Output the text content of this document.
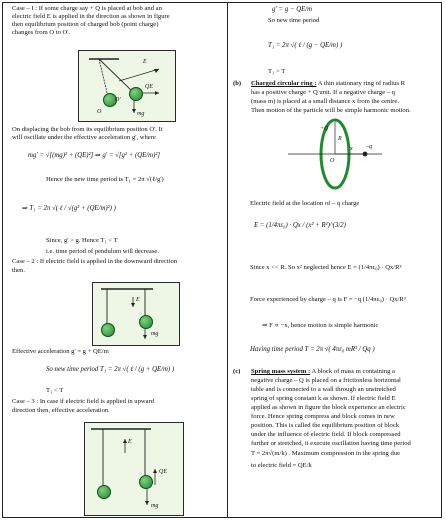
Case – I : If some charge say + Q is placed at bob and an
electric field E is applied in the direction as shown in figure
then equilibrium position of charged bob (point charge)
changes from O to O'.
E
QE
mg
O
O'
On displacing the bob from its equilibrium position O'. It
will oscillate under the effective acceleration g', where
mg' = √[(mg)² + (QE)²] ⇒ g' = √[g² + (QE/m)²]
Hence the new time period is T₁ = 2π √(ℓ/g')
⇒ T₁ = 2π √( ℓ / √(g² + (QE/m)²) )
Since, g' > g. Hence T₁ < T
i.e. time period of pendulum will decrease.
Case – 2 : If electric field is applied in the downward direction
then.
E
mg
Effective acceleration g' = g + QE/m
So new time period T₁ = 2π √( ℓ / (g + QE/m) )
T₁ < T
Case – 3 : In case if electric field is applied in upward
direction then, effective acceleration.
E
QE
mg
g' = g − QE/m
So new time period
T₁ = 2π √( ℓ / (g − QE/m) )
T₁ > T
(b) Charged circular ring : A thin stationary ring of radius R
has a positive charge + Q unit. If a negative charge – q
(mass m) is placed at a small distance x from the centre.
Then motion of the particle will be simple harmonic motion.
+Q
R
x –q
O
Electric field at the location of – q charge
E = (1/4πε₀) · Qx / (x² + R²)^(3/2)
Since x << R. So x² neglected hence E = (1/4πε₀) · Qx/R³
Force experienced by charge – q is F = −q (1/4πε₀) · Qx/R³
⇒ F ∝ −x, hence motion is simple harmonic
Having time period T = 2π √( 4πε₀ mR³ / Qq )
(c) Spring mass system : A block of mass m containing a
negative charge – Q is placed on a frictionless horizontal
table and is connected to a wall through an unstretched
spring of spring constant k as shown. If electric field E
applied as shown in figure the block experience an electric
force. Hence spring compress and block comes in new
position. This is called the equilibrium position of block
under the influence of electric field. If block compressed
further or stretched, it execute oscillation having time period
T = 2π√(m/k) . Maximum compression in the spring due
to electric field = QE/k
